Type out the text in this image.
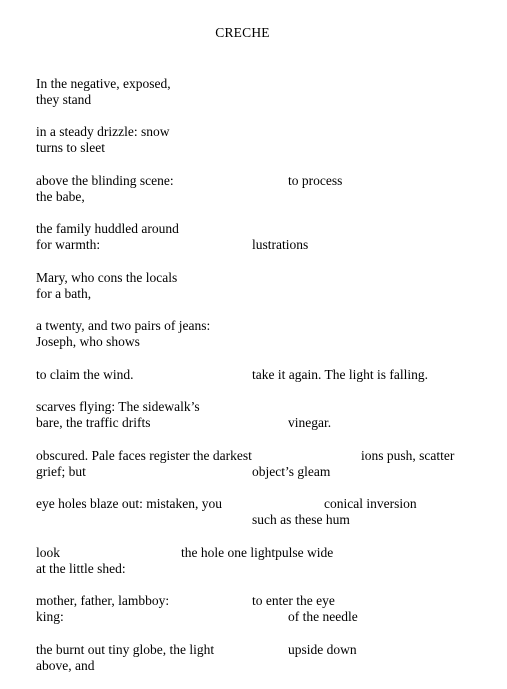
CRECHE
In the negative, exposed,
they stand
in a steady drizzle: snow
turns to sleet
above the blinding scene:
the babe,
to process
the family huddled around
for warmth:	lustrations
Mary, who cons the locals
for a bath,
a twenty, and two pairs of jeans:
Joseph, who shows
to claim the wind.	take it again. The light is falling.
scarves flying: The sidewalk’s
bare, the traffic drifts	vinegar.
obscured. Pale faces register the darkest
grief; but	object’s gleam
ions push, scatter
eye holes blaze out: mistaken, you
such as these hum
conical inversion
look
at the little shed:
the hole one lightpulse wide
mother, father, lambboy:
king:
to enter the eye
of the needle
the burnt out tiny globe, the light
above, and
upside down
